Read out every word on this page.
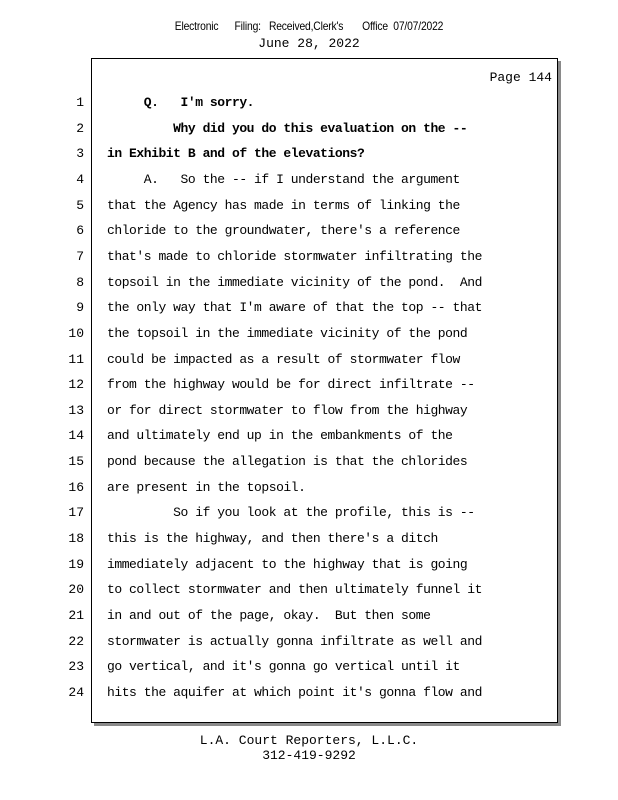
Electronic      Filing:   Received,Clerk's       Office  07/07/2022
June 28, 2022
Page 144
1 Q.   I'm sorry.
2 Why did you do this evaluation on the --
3 in Exhibit B and of the elevations?
4 A.   So the -- if I understand the argument
5 that the Agency has made in terms of linking the
6 chloride to the groundwater, there's a reference
7 that's made to chloride stormwater infiltrating the
8 topsoil in the immediate vicinity of the pond.  And
9 the only way that I'm aware of that the top -- that
10 the topsoil in the immediate vicinity of the pond
11 could be impacted as a result of stormwater flow
12 from the highway would be for direct infiltrate --
13 or for direct stormwater to flow from the highway
14 and ultimately end up in the embankments of the
15 pond because the allegation is that the chlorides
16 are present in the topsoil.
17 So if you look at the profile, this is --
18 this is the highway, and then there's a ditch
19 immediately adjacent to the highway that is going
20 to collect stormwater and then ultimately funnel it
21 in and out of the page, okay.  But then some
22 stormwater is actually gonna infiltrate as well and
23 go vertical, and it's gonna go vertical until it
24 hits the aquifer at which point it's gonna flow and
L.A. Court Reporters, L.L.C.
312-419-9292
